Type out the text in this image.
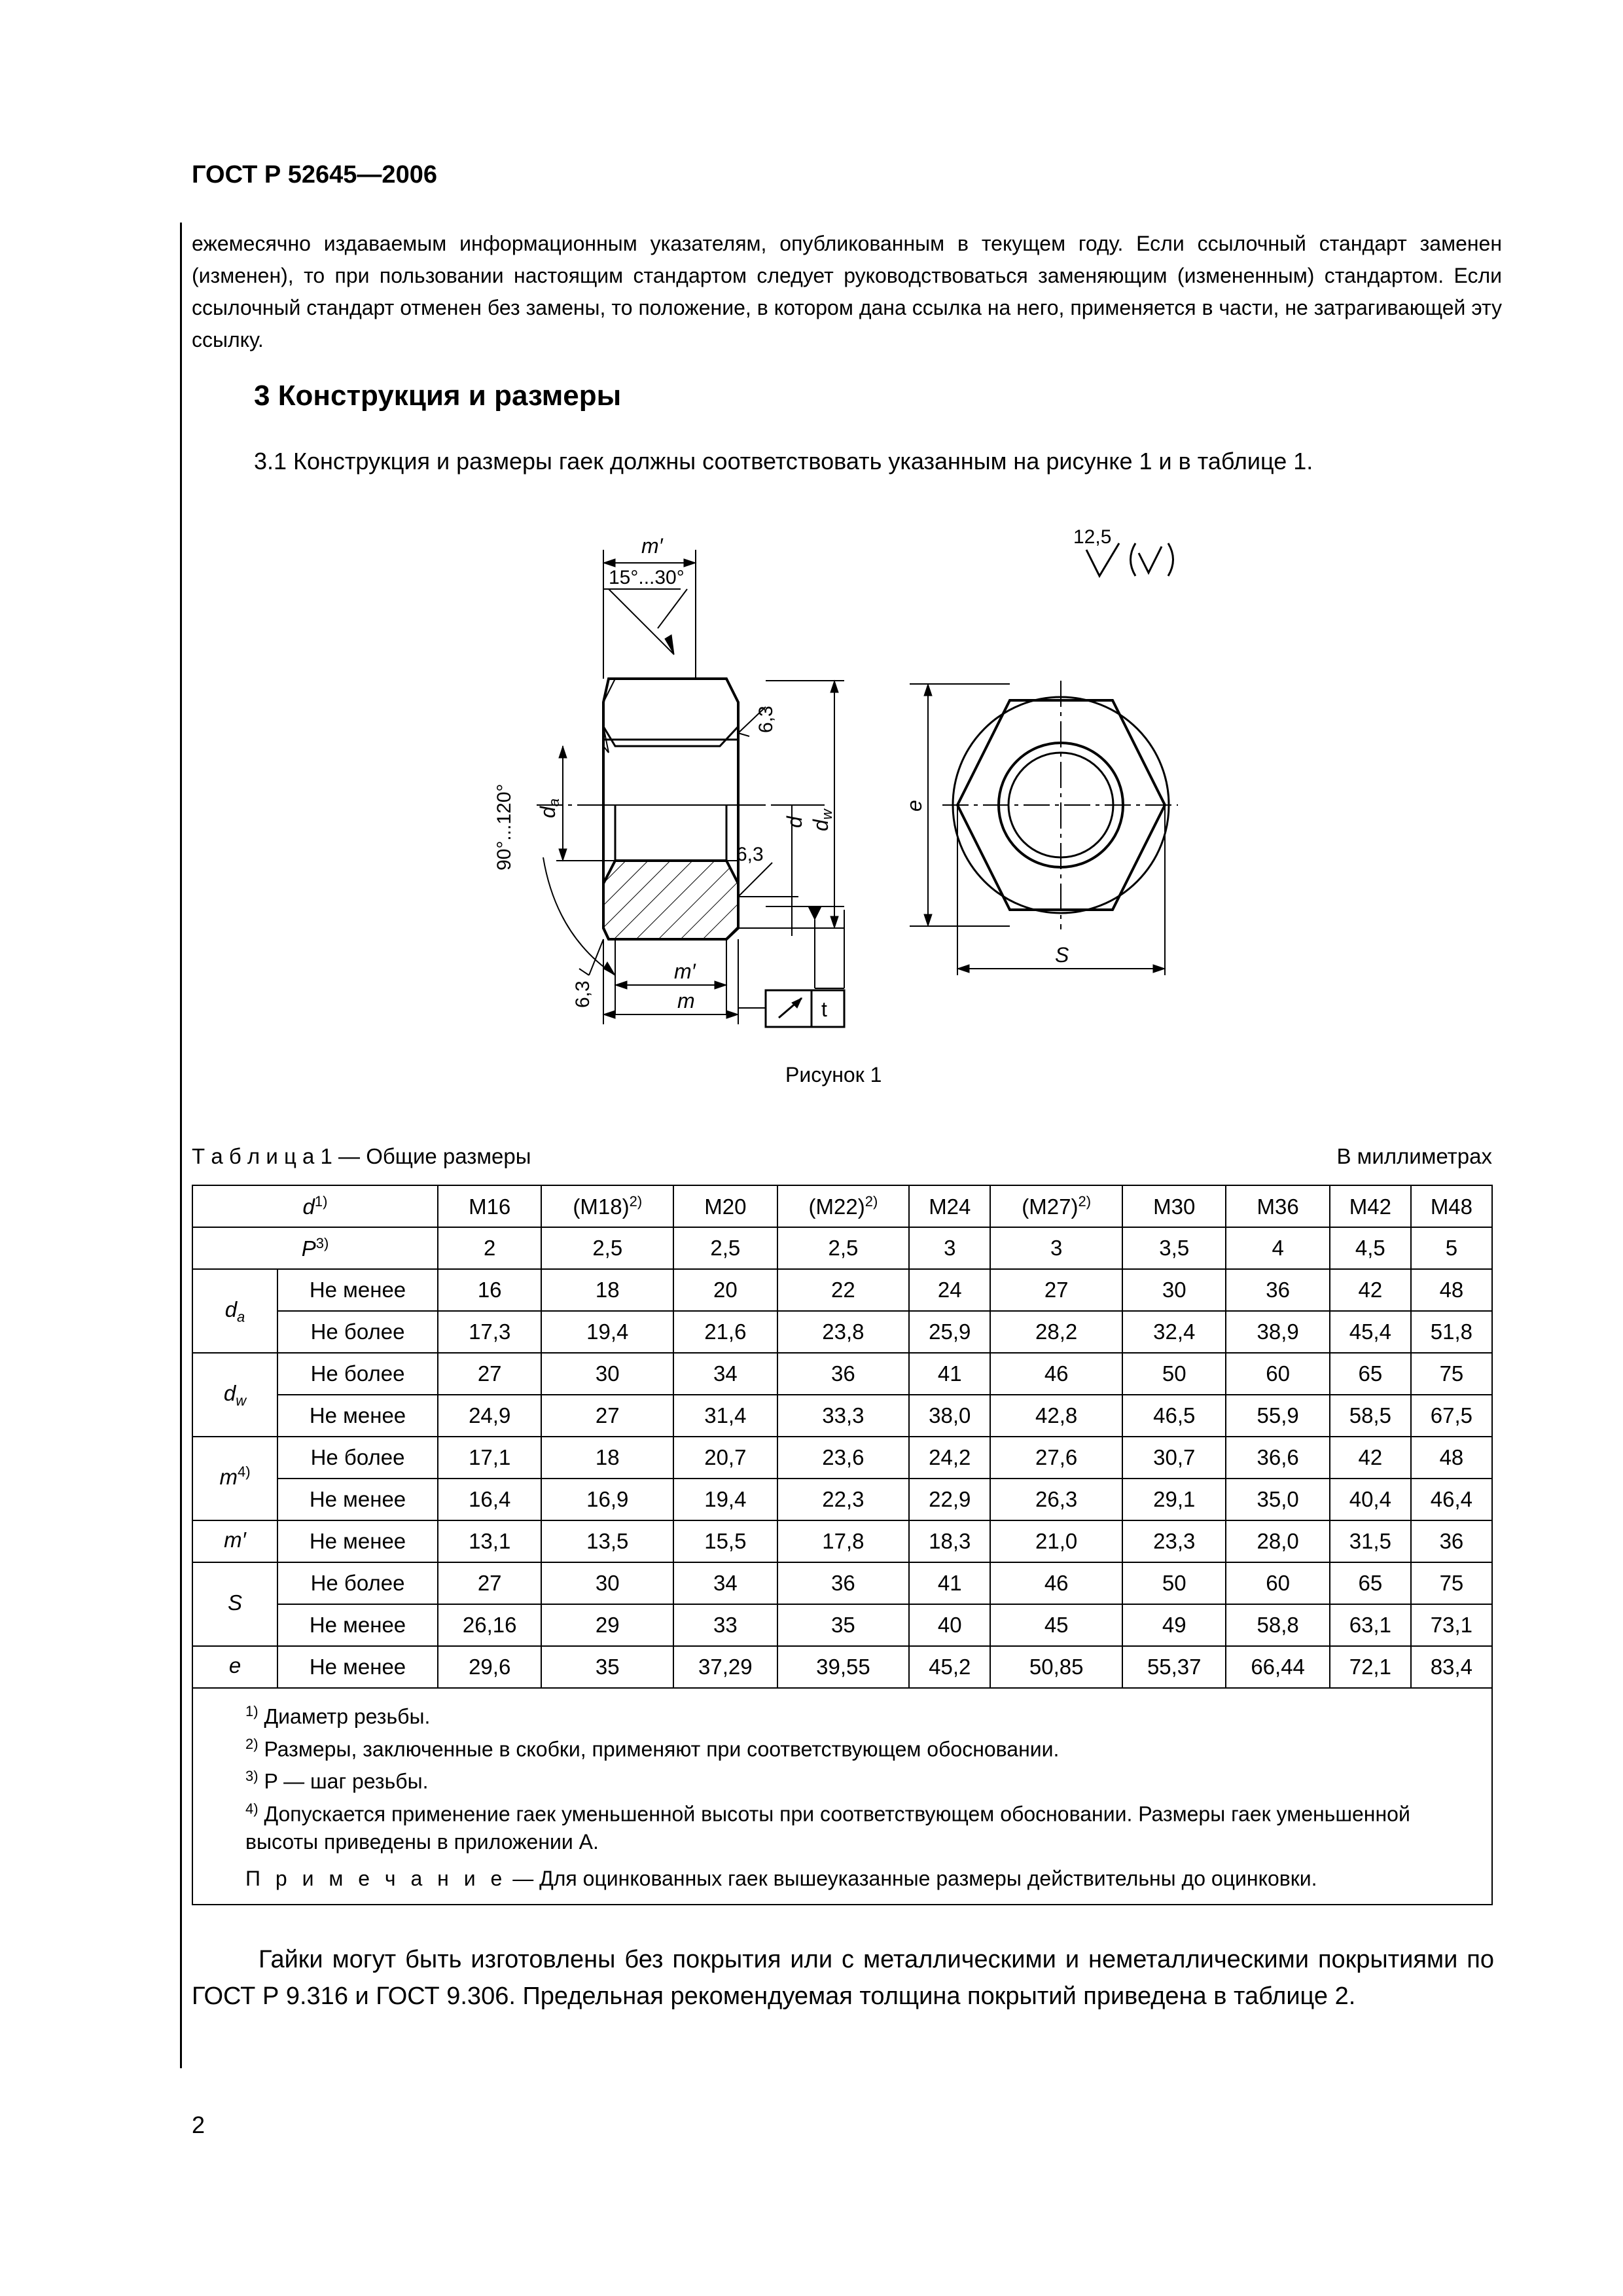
ГОСТ Р 52645—2006
ежемесячно издаваемым информационным указателям, опубликованным в текущем году. Если ссылочный стандарт заменен (изменен), то при пользовании настоящим стандартом следует руководствоваться заменяющим (измененным) стандартом. Если ссылочный стандарт отменен без замены, то положение, в котором дана ссылка на него, применяется в части, не затрагивающей эту ссылку.
3 Конструкция и размеры
3.1 Конструкция и размеры гаек должны соответствовать указанным на рисунке 1 и в таблице 1.
m′
15°...30°
6,3
da
90°...120°
6,3
d dw
6,3
m′
m	t
e
S
12,5
Рисунок 1
Т а б л и ц а 1 — Общие размеры	В миллиметрах
$d^{1)}$		M16	$(M18)^{2)}$	M20	$(M22)^{2)}$	M24	$(M27)^{2)}$	M30	M36	M42	M48
$P^{3)}$		2	2,5	2,5	2,5	3	3	3,5	4	4,5	5
$d_a$	Не менее	16	18	20	22	24	27	30	36	42	48
	Не более	17,3	19,4	21,6	23,8	25,9	28,2	32,4	38,9	45,4	51,8
$d_w$	Не более	27	30	34	36	41	46	50	60	65	75
	Не менее	24,9	27	31,4	33,3	38,0	42,8	46,5	55,9	58,5	67,5
$m^{4)}$	Не более	17,1	18	20,7	23,6	24,2	27,6	30,7	36,6	42	48
	Не менее	16,4	16,9	19,4	22,3	22,9	26,3	29,1	35,0	40,4	46,4
m′	Не менее	13,1	13,5	15,5	17,8	18,3	21,0	23,3	28,0	31,5	36
S	Не более	27	30	34	36	41	46	50	60	65	75
	Не менее	26,16	29	33	35	40	45	49	58,8	63,1	73,1
e	Не менее	29,6	35	37,29	39,55	45,2	50,85	55,37	66,44	72,1	83,4

$^{1)}$ Диаметр резьбы.
$^{2)}$ Размеры, заключенные в скобки, применяют при соответствующем обосновании.
$^{3)}$ P — шаг резьбы.
$^{4)}$ Допускается применение гаек уменьшенной высоты при соответствующем обосновании. Размеры гаек уменьшенной высоты приведены в приложении А.
П р и м е ч а н и е — Для оцинкованных гаек вышеуказанные размеры действительны до оцинковки.											
Гайки могут быть изготовлены без покрытия или с металлическими и неметаллическими покрытиями по ГОСТ Р 9.316 и ГОСТ 9.306. Предельная рекомендуемая толщина покрытий приведена в таблице 2.
2
